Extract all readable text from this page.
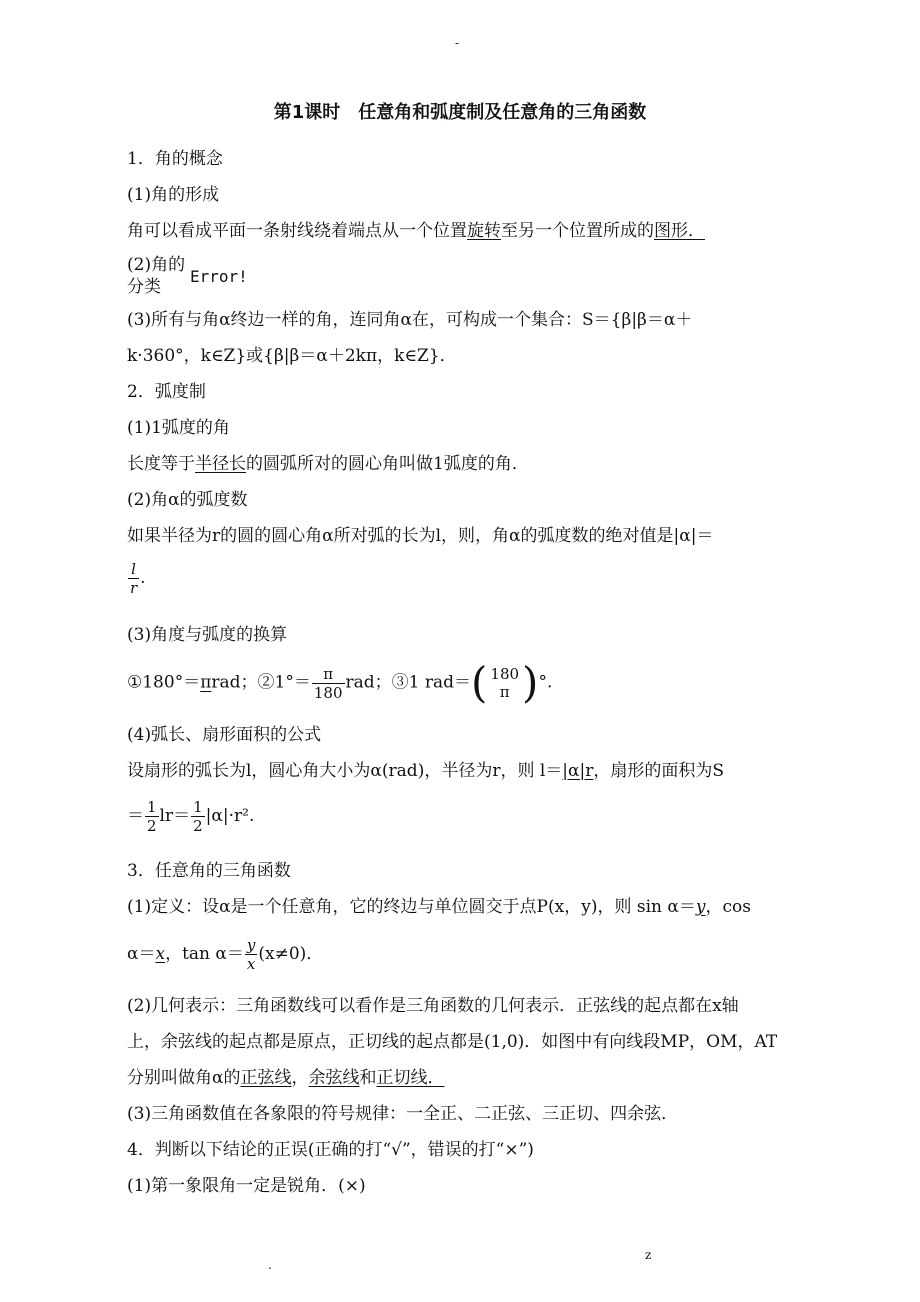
-
第1课时　任意角和弧度制及任意角的三角函数
1．角的概念
(1)角的形成
角可以看成平面一条射线绕着端点从一个位置旋转至另一个位置所成的图形．
(2)角的
Error!
分类
(3)所有与角α终边一样的角，连同角α在，可构成一个集合：S＝{β|β＝α＋
k·360°，k∈Z}或{β|β＝α＋2kπ，k∈Z}．
2．弧度制
(1)1弧度的角
长度等于半径长的圆弧所对的圆心角叫做1弧度的角．
(2)角α的弧度数
如果半径为r的圆的圆心角α所对弧的长为l，则，角α的弧度数的绝对值是|α|＝
$\frac{l}{r}$ .
(3)角度与弧度的换算
①180°＝πrad；②1°＝ $\frac{\pi}{180}$ rad；③1 rad＝( 180
π )°.
(4)弧长、扇形面积的公式
设扇形的弧长为l，圆心角大小为α(rad)，半径为r，则 l＝|α|r，扇形的面积为S
＝ $\frac{1}{2} lr= \frac{1}{2} |\alpha|\cdot r^2$.
3．任意角的三角函数
(1)定义：设α是一个任意角，它的终边与单位圆交于点P(x，y)，则 sin α＝y，cos
α＝x，$\tan \alpha= \frac{y}{x} (x\ne 0)$．
(2)几何表示：三角函数线可以看作是三角函数的几何表示．正弦线的起点都在x轴
上，余弦线的起点都是原点，正切线的起点都是(1,0)．如图中有向线段MP，OM，AT
分别叫做角α的正弦线，余弦线和正切线．
(3)三角函数值在各象限的符号规律：一全正、二正弦、三正切、四余弦．
4．判断以下结论的正误(正确的打“√”，错误的打“×”)
(1)第一象限角一定是锐角．(×)
.
z
